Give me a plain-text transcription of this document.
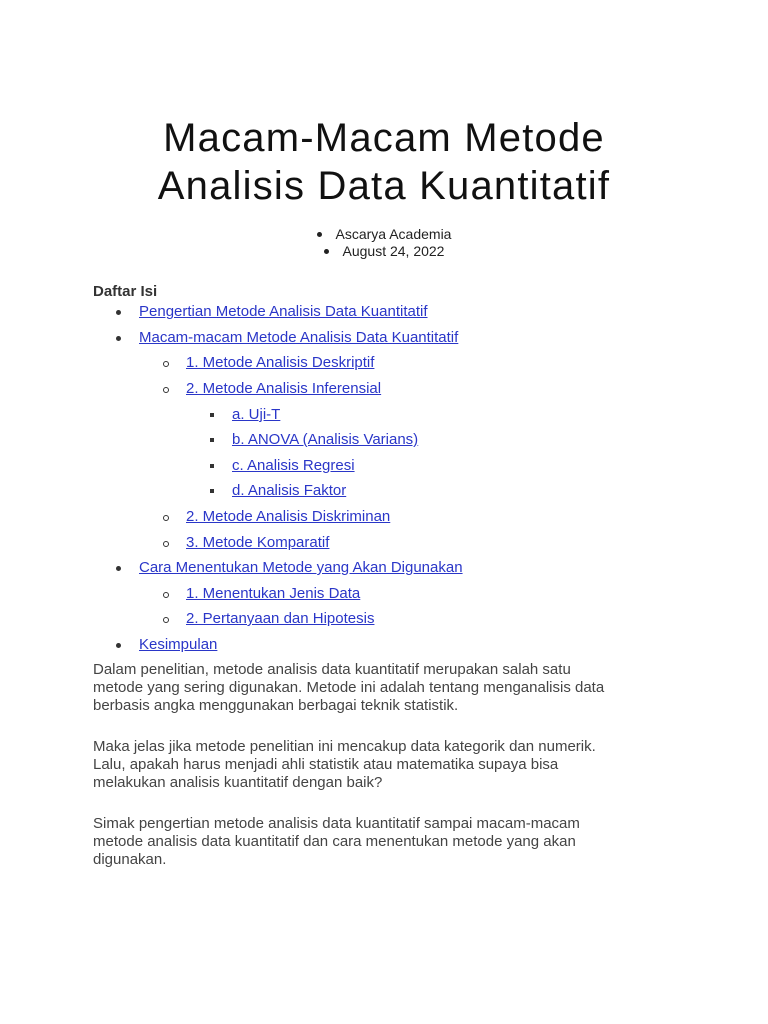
Macam-Macam Metode
Analisis Data Kuantitatif
Ascarya Academia
August 24, 2022
Daftar Isi
Pengertian Metode Analisis Data Kuantitatif
Macam-macam Metode Analisis Data Kuantitatif
1. Metode Analisis Deskriptif
2. Metode Analisis Inferensial
a. Uji-T
b. ANOVA (Analisis Varians)
c. Analisis Regresi
d. Analisis Faktor
2. Metode Analisis Diskriminan
3. Metode Komparatif
Cara Menentukan Metode yang Akan Digunakan
1. Menentukan Jenis Data
2. Pertanyaan dan Hipotesis
Kesimpulan

Dalam penelitian, metode analisis data kuantitatif merupakan salah satu
metode yang sering digunakan. Metode ini adalah tentang menganalisis data
berbasis angka menggunakan berbagai teknik statistik.

Maka jelas jika metode penelitian ini mencakup data kategorik dan numerik.
Lalu, apakah harus menjadi ahli statistik atau matematika supaya bisa
melakukan analisis kuantitatif dengan baik?

Simak pengertian metode analisis data kuantitatif sampai macam-macam
metode analisis data kuantitatif dan cara menentukan metode yang akan
digunakan.
